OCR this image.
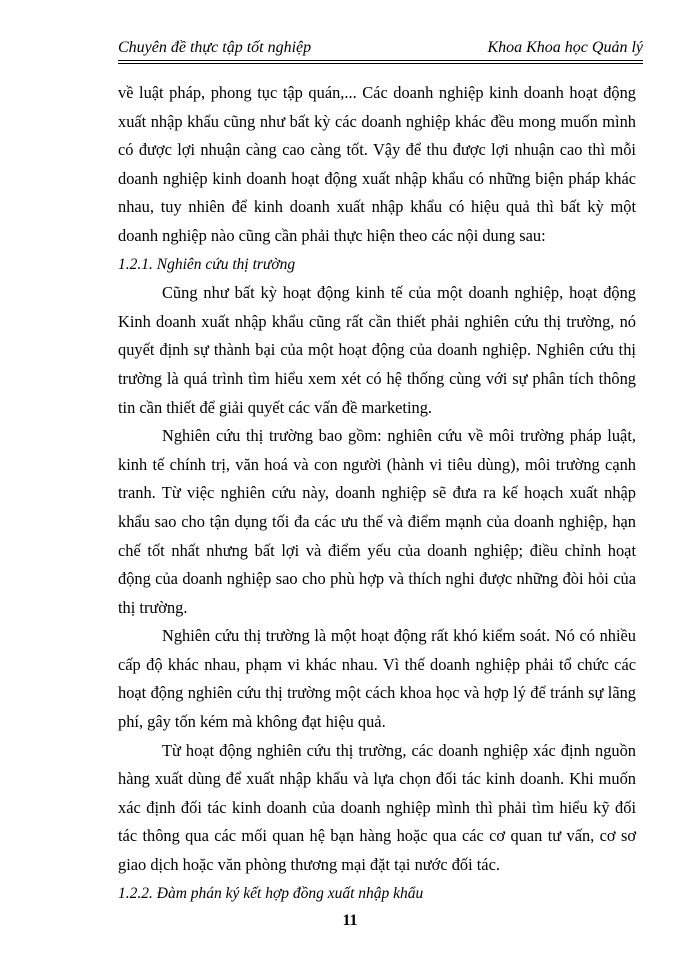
Chuyên đề thực tập tốt nghiệp	Khoa Khoa học Quản lý

về luật pháp, phong tục tập quán,... Các doanh nghiệp kinh doanh hoạt động xuất nhập khẩu cũng như bất kỳ các doanh nghiệp khác đều mong muốn mình có được lợi nhuận càng cao càng tốt. Vậy để thu được lợi nhuận cao thì mỗi doanh nghiệp kinh doanh hoạt động xuất nhập khẩu có những biện pháp khác nhau, tuy nhiên để kinh doanh xuất nhập khẩu có hiệu quả thì bất kỳ một doanh nghiệp nào cũng cần phải thực hiện theo các nội dung sau:

1.2.1. Nghiên cứu thị trường

Cũng như bất kỳ hoạt động kinh tế của một doanh nghiệp, hoạt động Kinh doanh xuất nhập khẩu cũng rất cần thiết phải nghiên cứu thị trường, nó quyết định sự thành bại của một hoạt động của doanh nghiệp. Nghiên cứu thị trường là quá trình tìm hiểu xem xét có hệ thống cùng với sự phân tích thông tin cần thiết để giải quyết các vấn đề marketing.

Nghiên cứu thị trường bao gồm: nghiên cứu về môi trường pháp luật, kinh tế chính trị, văn hoá và con người (hành vi tiêu dùng), môi trường cạnh tranh. Từ việc nghiên cứu này, doanh nghiệp sẽ đưa ra kế hoạch xuất nhập khẩu sao cho tận dụng tối đa các ưu thế và điểm mạnh của doanh nghiệp, hạn chế tốt nhất nhưng bất lợi và điểm yếu của doanh nghiệp; điều chỉnh hoạt động của doanh nghiệp sao cho phù hợp và thích nghi được những đòi hỏi của thị trường.

Nghiên cứu thị trường là một hoạt động rất khó kiểm soát. Nó có nhiều cấp độ khác nhau, phạm vi khác nhau. Vì thế doanh nghiệp phải tổ chức các hoạt động nghiên cứu thị trường một cách khoa học và hợp lý để tránh sự lãng phí, gây tốn kém mà không đạt hiệu quả.

Từ hoạt động nghiên cứu thị trường, các doanh nghiệp xác định nguồn hàng xuất dùng để xuất nhập khẩu và lựa chọn đối tác kinh doanh. Khi muốn xác định đối tác kinh doanh của doanh nghiệp mình thì phải tìm hiểu kỹ đối tác thông qua các mối quan hệ bạn hàng hoặc qua các cơ quan tư vấn, cơ sơ giao dịch hoặc văn phòng thương mại đặt tại nước đối tác.

1.2.2. Đàm phán ký kết hợp đồng xuất nhập khẩu

11
